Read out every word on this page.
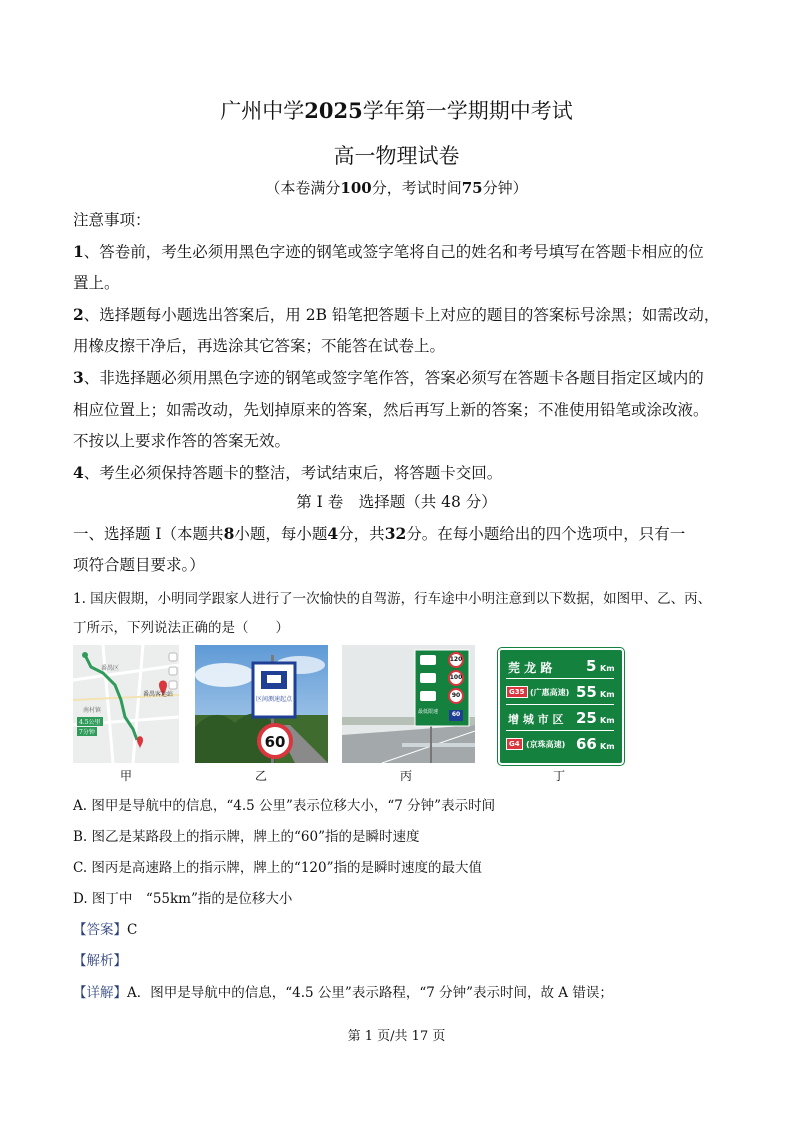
广州中学2025学年第一学期期中考试
高一物理试卷
（本卷满分100分，考试时间75分钟）
注意事项：
1、答卷前，考生必须用黑色字迹的钢笔或签字笔将自己的姓名和考号填写在答题卡相应的位
置上。
2、选择题每小题选出答案后，用 2B 铅笔把答题卡上对应的题目的答案标号涂黑；如需改动，
用橡皮擦干净后，再选涂其它答案；不能答在试卷上。
3、非选择题必须用黑色字迹的钢笔或签字笔作答，答案必须写在答题卡各题目指定区域内的
相应位置上；如需改动，先划掉原来的答案，然后再写上新的答案；不准使用铅笔或涂改液。
不按以上要求作答的答案无效。
4、考生必须保持答题卡的整洁，考试结束后，将答题卡交回。
第 I 卷　选择题（共 48 分）
一、选择题 I（本题共8小题，每小题4分，共32分。在每小题给出的四个选项中，只有一
项符合题目要求。）
1. 国庆假期，小明同学跟家人进行了一次愉快的自驾游，行车途中小明注意到以下数据，如图甲、乙、丙、
丁所示，下列说法正确的是（　　）
番禺区
南村镇
番禺客运站
4.5公里
7分钟
甲
区间测速起点
60
乙
120
100
90
60
最低限速
丙
莞 龙 路 5 Km
G35 (广惠高速) 55 Km
增 城 市 区 25 Km
G4 (京珠高速) 66 Km
丁
A. 图甲是导航中的信息，“4.5 公里”表示位移大小，“7 分钟”表示时间
B. 图乙是某路段上的指示牌，牌上的“60”指的是瞬时速度
C. 图丙是高速路上的指示牌，牌上的“120”指的是瞬时速度的最大值
D. 图丁中　“55km”指的是位移大小
【答案】C
【解析】
【详解】A．图甲是导航中的信息，“4.5 公里”表示路程，“7 分钟”表示时间，故 A 错误；
第 1 页/共 17 页
